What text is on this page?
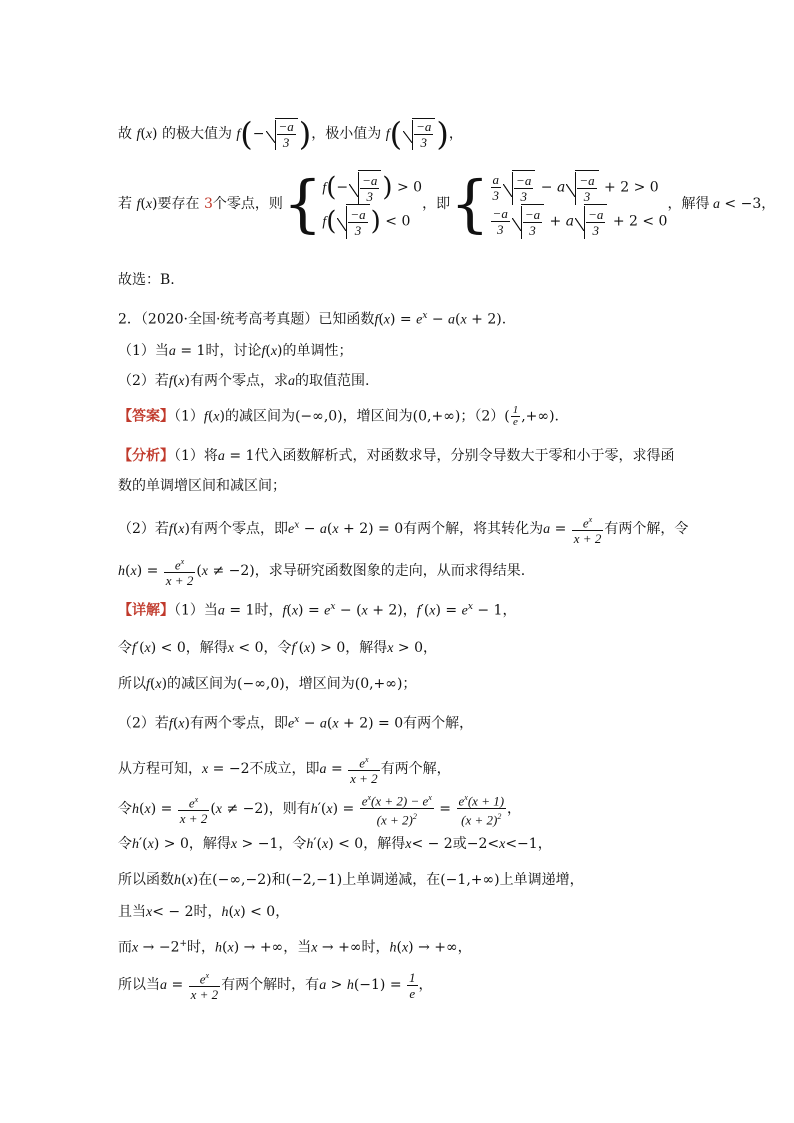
故 f(x) 的极大值为 $f(- \frac{-a}{3}$ )，极小值为 $f( \frac{-a}{3}$ )，
若 f(x)要存在 3个零点，则{ $f(- \frac{-a}{3}$ ) > 0
$f( \frac{-a}{3}$ ) < 0
，即{ $\frac{a}{3} \frac{-a}{3} - a \frac{-a}{3} + 2 > 0$
$\frac{-a}{3} \frac{-a}{3} + a \frac{-a}{3} + 2 < 0$
，解得 a < −3，
故选：B.
2．（2020·全国·统考高考真题）已知函数$f(x) = e^x - a(x + 2)$.
（1）当a = 1时，讨论f(x)的单调性；
（2）若f(x)有两个零点，求a的取值范围.
【答案】（1）f(x)的减区间为(−∞,0)，增区间为(0,+∞)；$(2)( \frac{1}{e}$ ,+∞).
【分析】（1）将a = 1代入函数解析式，对函数求导，分别令导数大于零和小于零，求得函
数的单调增区间和减区间；
（2）若f(x)有两个零点，即$e^x - a(x + 2) = 0$有两个解，将其转化为$a = \frac{e^x}{x + 2}$ 有两个解，令
$h(x) = \frac{e^x}{x + 2} (x \ne -2)$，求导研究函数图象的走向，从而求得结果.
【详解】（1）当a = 1时，$f(x) = e^x - (x + 2)$，$f'(x) = e^x - 1$，
令f′(x) < 0，解得x < 0，令f′(x) > 0，解得x > 0，
所以f(x)的减区间为(−∞,0)，增区间为(0,+∞)；
（2）若f(x)有两个零点，即$e^x - a(x + 2) = 0$有两个解，
从方程可知，x = −2不成立，即$a = \frac{e^x}{x + 2}$ 有两个解，
令$h(x) = \frac{e^x}{x + 2} (x \ne -2)$，则有$h'(x) = \frac{e^x(x + 2) - e^x}{(x + 2)^2} = \frac{e^x(x + 1)}{(x + 2)^2}$ ，
令h′(x) > 0，解得x > −1，令h′(x) < 0，解得x< − 2或−2<x<−1，
所以函数h(x)在(−∞,−2)和(−2,−1)上单调递减，在(−1,+∞)上单调递增，
且当x< − 2时，h(x) < 0，
而x → −2+时，h(x) → +∞，当x → +∞时，h(x) → +∞，
所以当$a = \frac{e^x}{x + 2}$ 有两个解时，有$a > h(-1) = \frac{1}{e}$ ，
